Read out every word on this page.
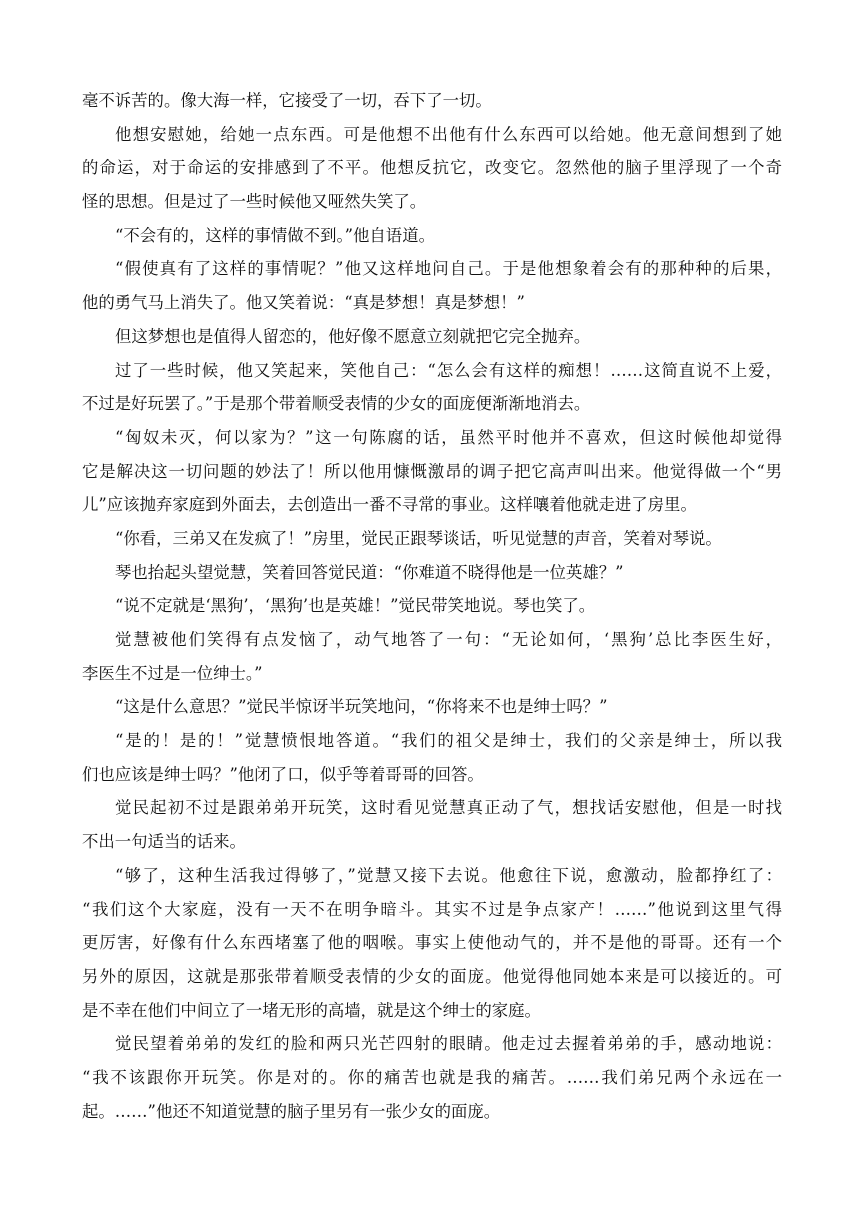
毫不诉苦的。像大海一样，它接受了一切，吞下了一切。
他想安慰她，给她一点东西。可是他想不出他有什么东西可以给她。他无意间想到了她
的命运，对于命运的安排感到了不平。他想反抗它，改变它。忽然他的脑子里浮现了一个奇
怪的思想。但是过了一些时候他又哑然失笑了。
“不会有的，这样的事情做不到。”他自语道。
“假使真有了这样的事情呢？”他又这样地问自己。于是他想象着会有的那种种的后果，
他的勇气马上消失了。他又笑着说：“真是梦想！真是梦想！”
但这梦想也是值得人留恋的，他好像不愿意立刻就把它完全抛弃。
过了一些时候，他又笑起来，笑他自己：“怎么会有这样的痴想！……这简直说不上爱，
不过是好玩罢了。”于是那个带着顺受表情的少女的面庞便渐渐地消去。
“匈奴未灭，何以家为？”这一句陈腐的话，虽然平时他并不喜欢，但这时候他却觉得
它是解决这一切问题的妙法了！所以他用慷慨激昂的调子把它高声叫出来。他觉得做一个“男
儿”应该抛弃家庭到外面去，去创造出一番不寻常的事业。这样嚷着他就走进了房里。
“你看，三弟又在发疯了！”房里，觉民正跟琴谈话，听见觉慧的声音，笑着对琴说。
琴也抬起头望觉慧，笑着回答觉民道：“你难道不晓得他是一位英雄？”
“说不定就是‘黑狗’，‘黑狗’也是英雄！”觉民带笑地说。琴也笑了。
觉慧被他们笑得有点发恼了，动气地答了一句：“无论如何，‘黑狗’总比李医生好，
李医生不过是一位绅士。”
“这是什么意思？”觉民半惊讶半玩笑地问，“你将来不也是绅士吗？”
“是的！是的！”觉慧愤恨地答道。“我们的祖父是绅士，我们的父亲是绅士，所以我
们也应该是绅士吗？”他闭了口，似乎等着哥哥的回答。
觉民起初不过是跟弟弟开玩笑，这时看见觉慧真正动了气，想找话安慰他，但是一时找
不出一句适当的话来。
“够了，这种生活我过得够了，”觉慧又接下去说。他愈往下说，愈激动，脸都挣红了：
“我们这个大家庭，没有一天不在明争暗斗。其实不过是争点家产！……”他说到这里气得
更厉害，好像有什么东西堵塞了他的咽喉。事实上使他动气的，并不是他的哥哥。还有一个
另外的原因，这就是那张带着顺受表情的少女的面庞。他觉得他同她本来是可以接近的。可
是不幸在他们中间立了一堵无形的高墙，就是这个绅士的家庭。
觉民望着弟弟的发红的脸和两只光芒四射的眼睛。他走过去握着弟弟的手，感动地说：
“我不该跟你开玩笑。你是对的。你的痛苦也就是我的痛苦。……我们弟兄两个永远在一
起。……”他还不知道觉慧的脑子里另有一张少女的面庞。
